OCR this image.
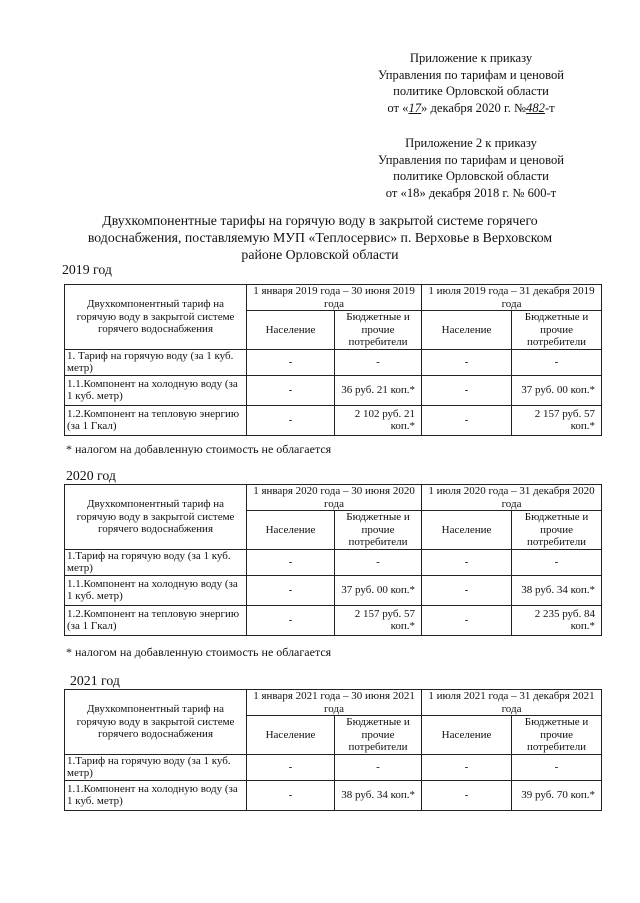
Приложение к приказу
Управления по тарифам и ценовой
политике Орловской области
от «17» декабря 2020 г. №482-т
Приложение 2 к приказу
Управления по тарифам и ценовой
политике Орловской области
от «18» декабря 2018 г. № 600-т
Двухкомпонентные тарифы на горячую воду в закрытой системе горячего
водоснабжения, поставляемую МУП «Теплосервис» п. Верховье в Верховском
районе Орловской области
2019 год
Двухкомпонентный тариф на горячую воду в закрытой системе горячего водоснабжения	1 января 2019 года – 30 июня 2019 года		1 июля 2019 года – 31 декабря 2019 года	
	Население	Бюджетные и прочие потребители	Население	Бюджетные и прочие потребители
1. Тариф на горячую воду (за 1 куб. метр)	-	-	-	-
1.1.Компонент на холодную воду (за 1 куб. метр)	-	36 руб. 21 коп.*	-	37 руб. 00 коп.*
1.2.Компонент на тепловую энергию (за 1 Гкал)	-	2 102 руб. 21 коп.*	-	2 157 руб. 57 коп.*
* налогом на добавленную стоимость не облагается
2020 год
Двухкомпонентный тариф на горячую воду в закрытой системе горячего водоснабжения	1 января 2020 года – 30 июня 2020 года		1 июля 2020 года – 31 декабря 2020 года	
	Население	Бюджетные и прочие потребители	Население	Бюджетные и прочие потребители
1.Тариф на горячую воду (за 1 куб. метр)	-	-	-	-
1.1.Компонент на холодную воду (за 1 куб. метр)	-	37 руб. 00 коп.*	-	38 руб. 34 коп.*
1.2.Компонент на тепловую энергию (за 1 Гкал)	-	2 157 руб. 57 коп.*	-	2 235 руб. 84 коп.*
* налогом на добавленную стоимость не облагается
2021 год
Двухкомпонентный тариф на горячую воду в закрытой системе горячего водоснабжения	1 января 2021 года – 30 июня 2021 года		1 июля 2021 года – 31 декабря 2021 года	
	Население	Бюджетные и прочие потребители	Население	Бюджетные и прочие потребители
1.Тариф на горячую воду (за 1 куб. метр)	-	-	-	-
1.1.Компонент на холодную воду (за 1 куб. метр)	-	38 руб. 34 коп.*	-	39 руб. 70 коп.*
